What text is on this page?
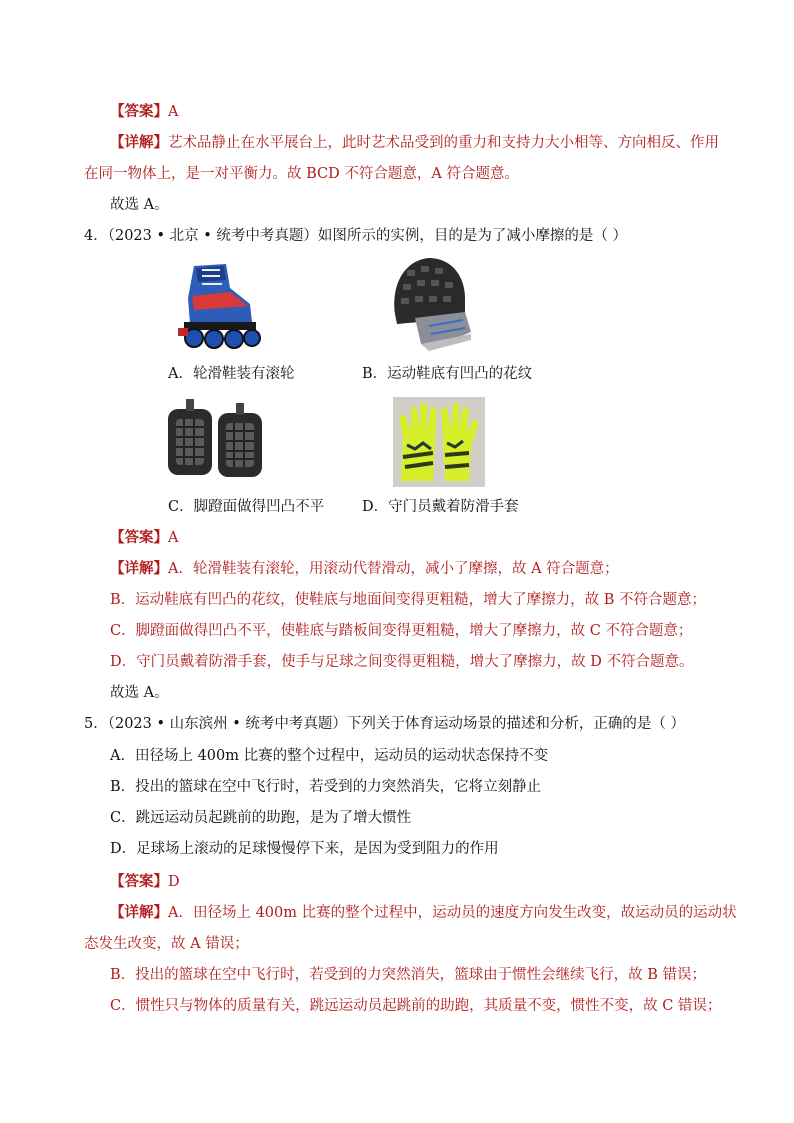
【答案】A
【详解】艺术品静止在水平展台上，此时艺术品受到的重力和支持力大小相等、方向相反、作用
在同一物体上，是一对平衡力。故 BCD 不符合题意，A 符合题意。
故选 A。
4．（2023 • 北京 • 统考中考真题）如图所示的实例，目的是为了减小摩擦的是（ ）
A．轮滑鞋装有滚轮	B．运动鞋底有凹凸的花纹
C．脚蹬面做得凹凸不平	D．守门员戴着防滑手套
【答案】A
【详解】A．轮滑鞋装有滚轮，用滚动代替滑动，减小了摩擦，故 A 符合题意；
B．运动鞋底有凹凸的花纹，使鞋底与地面间变得更粗糙，增大了摩擦力，故 B 不符合题意；
C．脚蹬面做得凹凸不平，使鞋底与踏板间变得更粗糙，增大了摩擦力，故 C 不符合题意；
D．守门员戴着防滑手套，使手与足球之间变得更粗糙，增大了摩擦力，故 D 不符合题意。
故选 A。
5．（2023 • 山东滨州 • 统考中考真题）下列关于体育运动场景的描述和分析，正确的是（ ）
A．田径场上 400m 比赛的整个过程中，运动员的运动状态保持不变
B．投出的篮球在空中飞行时，若受到的力突然消失，它将立刻静止
C．跳远运动员起跳前的助跑，是为了增大惯性
D．足球场上滚动的足球慢慢停下来，是因为受到阻力的作用
【答案】D
【详解】A．田径场上 400m 比赛的整个过程中，运动员的速度方向发生改变，故运动员的运动状
态发生改变，故 A 错误；
B．投出的篮球在空中飞行时，若受到的力突然消失，篮球由于惯性会继续飞行，故 B 错误；
C．惯性只与物体的质量有关，跳远运动员起跳前的助跑，其质量不变，惯性不变，故 C 错误；
